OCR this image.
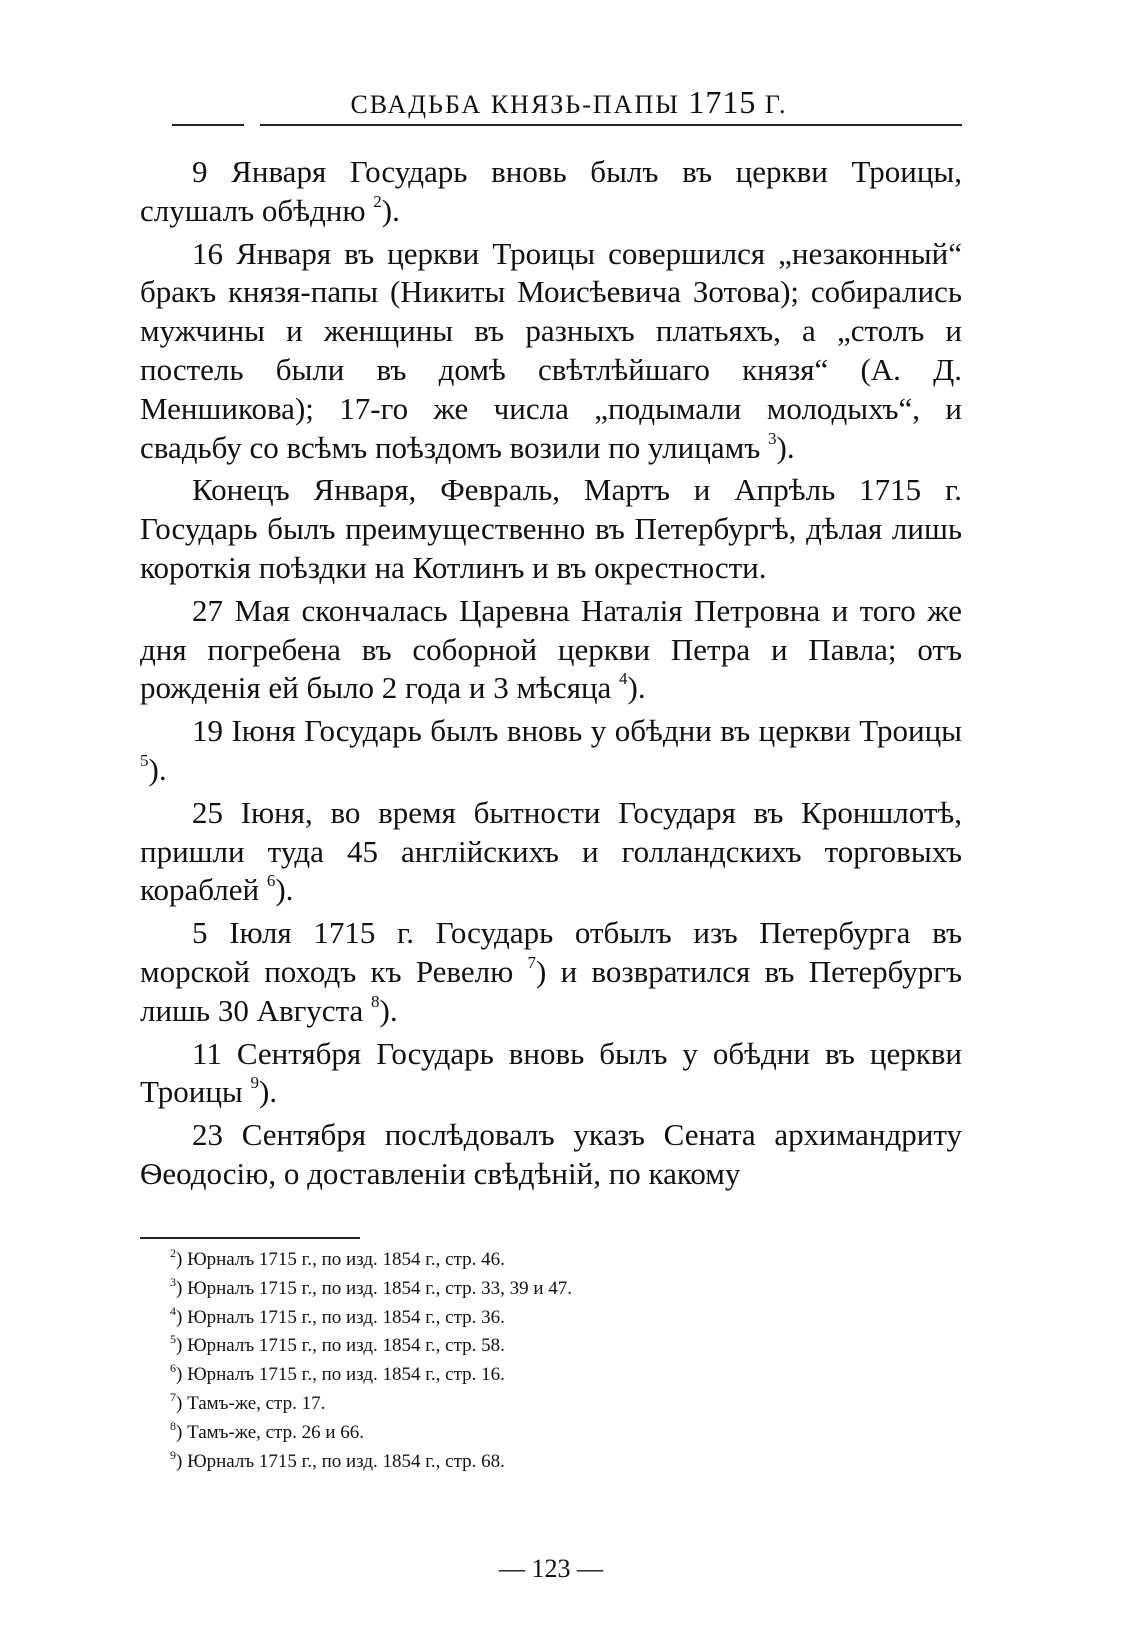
СВАДЬБА КНЯЗЬ-ПАПЫ 1715 Г.

9 Января Государь вновь былъ въ церкви Троицы, слушалъ обѣдню $^2$).

16 Января въ церкви Троицы совершился „незаконный“ бракъ князя-папы (Никиты Моисѣевича Зотова); собирались мужчины и женщины въ разныхъ платьяхъ, а „столъ и постель были въ домѣ свѣтлѣйшаго князя“ (А. Д. Меншикова); 17-го же числа „подымали молодыхъ“, и свадьбу со всѣмъ поѣздомъ возили по улицамъ $^3$).

Конецъ Января, Февраль, Мартъ и Апрѣль 1715 г. Государь былъ преимущественно въ Петербургѣ, дѣлая лишь короткія поѣздки на Котлинъ и въ окрестности.

27 Мая скончалась Царевна Наталія Петровна и того же дня погребена въ соборной церкви Петра и Павла; отъ рожденія ей было 2 года и 3 мѣсяца $^4$).

19 Іюня Государь былъ вновь у обѣдни въ церкви Троицы $^5$).

25 Іюня, во время бытности Государя въ Кроншлотѣ, пришли туда 45 англійскихъ и голландскихъ торговыхъ кораблей $^6$).

5 Іюля 1715 г. Государь отбылъ изъ Петербурга въ морской походъ къ Ревелю $^7$) и возвратился въ Петербургъ лишь 30 Августа $^8$).

11 Сентября Государь вновь былъ у обѣдни въ церкви Троицы $^9$).

23 Сентября послѣдовалъ указъ Сената архимандриту Ѳеодосію, о доставленіи свѣдѣній, по какому

$^2$) Юрналъ 1715 г., по изд. 1854 г., стр. 46.

$^3$) Юрналъ 1715 г., по изд. 1854 г., стр. 33, 39 и 47.

$^4$) Юрналъ 1715 г., по изд. 1854 г., стр. 36.

$^5$) Юрналъ 1715 г., по изд. 1854 г., стр. 58.

$^6$) Юрналъ 1715 г., по изд. 1854 г., стр. 16.

$^7$) Тамъ-же, стр. 17.

$^8$) Тамъ-же, стр. 26 и 66.

$^9$) Юрналъ 1715 г., по изд. 1854 г., стр. 68.

— 123 —
